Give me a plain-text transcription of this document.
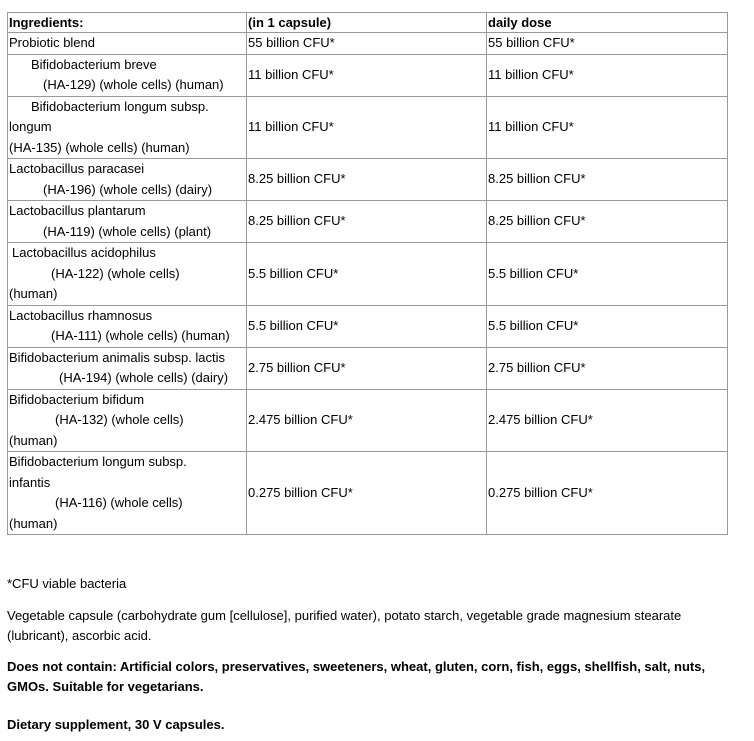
Ingredients:	(in 1 capsule)	daily dose

Probiotic blend	55 billion CFU*	55 billion CFU*

Bifidobacterium breve
(HA-129) (whole cells) (human)	11 billion CFU*	11 billion CFU*

Bifidobacterium longum subsp.
longum
(HA-135) (whole cells) (human)	11 billion CFU*	11 billion CFU*

Lactobacillus paracasei
(HA-196) (whole cells) (dairy)	8.25 billion CFU*	8.25 billion CFU*

Lactobacillus plantarum
(HA-119) (whole cells) (plant)	8.25 billion CFU*	8.25 billion CFU*

Lactobacillus acidophilus
(HA-122) (whole cells)
(human)	5.5 billion CFU*	5.5 billion CFU*

Lactobacillus rhamnosus
(HA-111) (whole cells) (human)	5.5 billion CFU*	5.5 billion CFU*

Bifidobacterium animalis subsp. lactis
(HA-194) (whole cells) (dairy)	2.75 billion CFU*	2.75 billion CFU*

Bifidobacterium bifidum
(HA-132) (whole cells)
(human)	2.475 billion CFU*	2.475 billion CFU*

Bifidobacterium longum subsp.
infantis
(HA-116) (whole cells)
(human)	0.275 billion CFU*	0.275 billion CFU*
*CFU viable bacteria
Vegetable capsule (carbohydrate gum [cellulose], purified water), potato starch, vegetable grade magnesium stearate (lubricant), ascorbic acid.
Does not contain: Artificial colors, preservatives, sweeteners, wheat, gluten, corn, fish, eggs, shellfish, salt, nuts, GMOs. Suitable for vegetarians.
Dietary supplement, 30 V capsules.
